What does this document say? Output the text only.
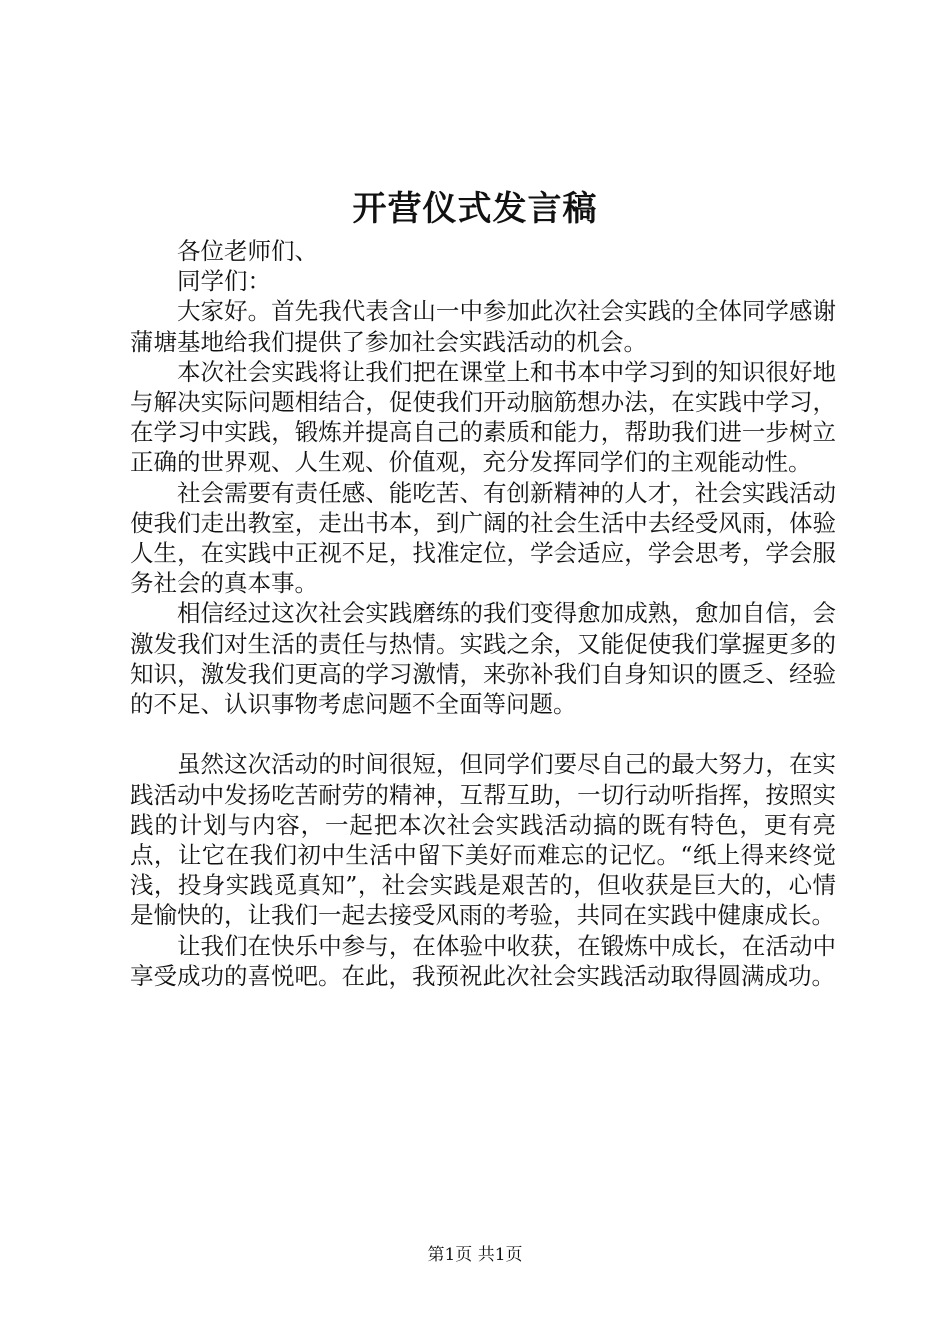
开营仪式发言稿

各位老师们、

同学们：

大家好。首先我代表含山一中参加此次社会实践的全体同学感谢蒲塘基地给我们提供了参加社会实践活动的机会。

本次社会实践将让我们把在课堂上和书本中学习到的知识很好地与解决实际问题相结合，促使我们开动脑筋想办法，在实践中学习，在学习中实践，锻炼并提高自己的素质和能力，帮助我们进一步树立正确的世界观、人生观、价值观，充分发挥同学们的主观能动性。

社会需要有责任感、能吃苦、有创新精神的人才，社会实践活动使我们走出教室，走出书本，到广阔的社会生活中去经受风雨，体验人生，在实践中正视不足，找准定位，学会适应，学会思考，学会服务社会的真本事。

相信经过这次社会实践磨练的我们变得愈加成熟，愈加自信，会激发我们对生活的责任与热情。实践之余，又能促使我们掌握更多的知识，激发我们更高的学习激情，来弥补我们自身知识的匮乏、经验的不足、认识事物考虑问题不全面等问题。

虽然这次活动的时间很短，但同学们要尽自己的最大努力，在实践活动中发扬吃苦耐劳的精神，互帮互助，一切行动听指挥，按照实践的计划与内容，一起把本次社会实践活动搞的既有特色，更有亮点，让它在我们初中生活中留下美好而难忘的记忆。“纸上得来终觉浅，投身实践觅真知”，社会实践是艰苦的，但收获是巨大的，心情是愉快的，让我们一起去接受风雨的考验，共同在实践中健康成长。

让我们在快乐中参与，在体验中收获，在锻炼中成长，在活动中享受成功的喜悦吧。在此，我预祝此次社会实践活动取得圆满成功。

第1页 共1页
